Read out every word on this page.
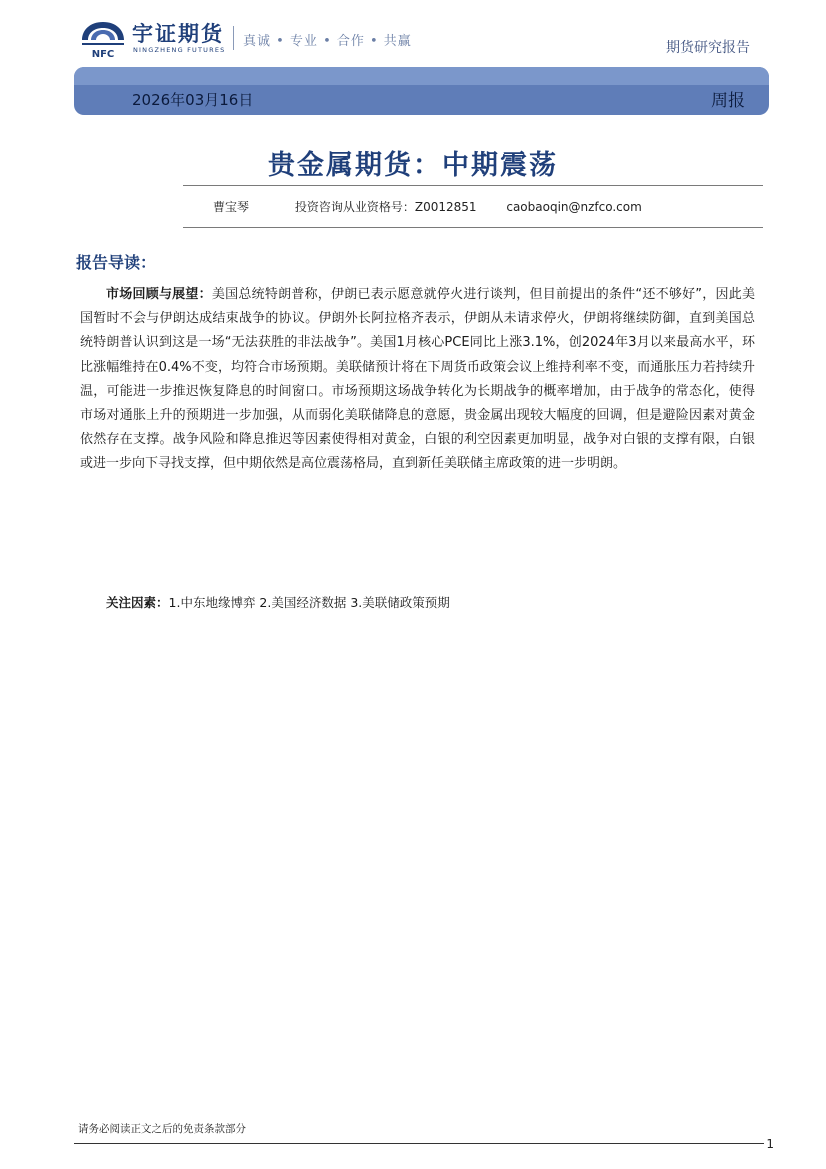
NFC
宇证期货
NINGZHENG FUTURES
真诚 • 专业 • 合作 • 共赢	期货研究报告
2026年03月16日	周报
贵金属期货：中期震荡
曹宝琴	投资咨询从业资格号：Z0012851 caobaoqin@nzfco.com
报告导读：

市场回顾与展望：美国总统特朗普称，伊朗已表示愿意就停火进行谈判，但目前提出的条件“还不够好”，因此美国暂时不会与伊朗达成结束战争的协议。伊朗外长阿拉格齐表示，伊朗从未请求停火，伊朗将继续防御，直到美国总统特朗普认识到这是一场“无法获胜的非法战争”。美国1月核心PCE同比上涨3.1%，创2024年3月以来最高水平，环比涨幅维持在0.4%不变，均符合市场预期。美联储预计将在下周货币政策会议上维持利率不变，而通胀压力若持续升温，可能进一步推迟恢复降息的时间窗口。市场预期这场战争转化为长期战争的概率增加，由于战争的常态化，使得市场对通胀上升的预期进一步加强，从而弱化美联储降息的意愿，贵金属出现较大幅度的回调，但是避险因素对黄金依然存在支撑。战争风险和降息推迟等因素使得相对黄金，白银的利空因素更加明显，战争对白银的支撑有限，白银或进一步向下寻找支撑，但中期依然是高位震荡格局，直到新任美联储主席政策的进一步明朗。

关注因素：1.中东地缘博弈 2.美国经济数据 3.美联储政策预期
请务必阅读正文之后的免责条款部分
1
